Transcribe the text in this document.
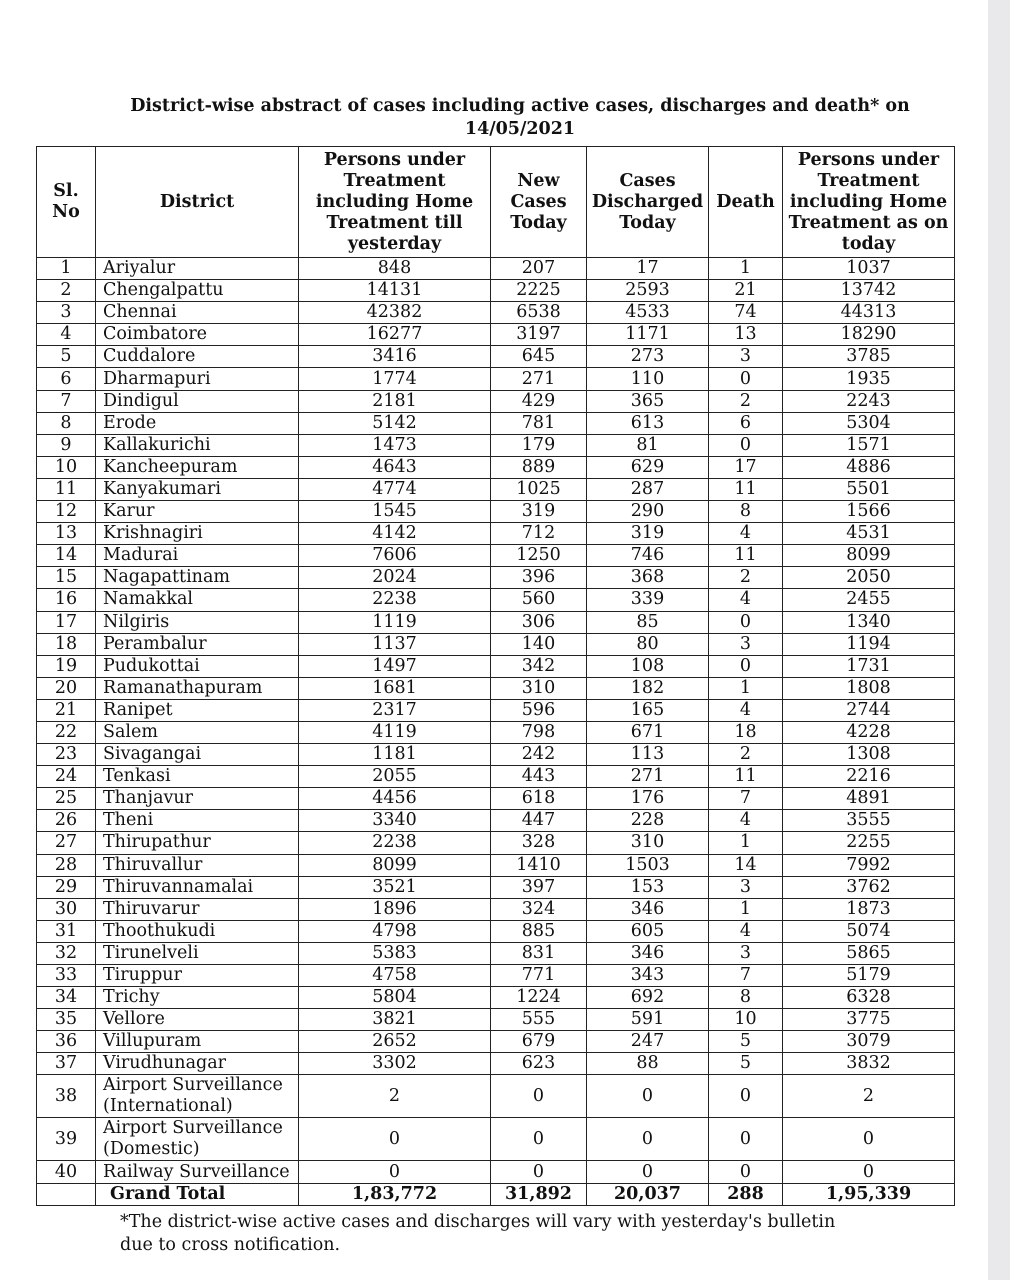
District-wise abstract of cases including active cases, discharges and death* on
14/05/2021
Sl. No	District	Persons under Treatment including Home Treatment till yesterday	New Cases Today	Cases Discharged Today	Death	Persons under Treatment including Home Treatment as on today
1	Ariyalur	848	207	17	1	1037
2	Chengalpattu	14131	2225	2593	21	13742
3	Chennai	42382	6538	4533	74	44313
4	Coimbatore	16277	3197	1171	13	18290
5	Cuddalore	3416	645	273	3	3785
6	Dharmapuri	1774	271	110	0	1935
7	Dindigul	2181	429	365	2	2243
8	Erode	5142	781	613	6	5304
9	Kallakurichi	1473	179	81	0	1571
10	Kancheepuram	4643	889	629	17	4886
11	Kanyakumari	4774	1025	287	11	5501
12	Karur	1545	319	290	8	1566
13	Krishnagiri	4142	712	319	4	4531
14	Madurai	7606	1250	746	11	8099
15	Nagapattinam	2024	396	368	2	2050
16	Namakkal	2238	560	339	4	2455
17	Nilgiris	1119	306	85	0	1340
18	Perambalur	1137	140	80	3	1194
19	Pudukottai	1497	342	108	0	1731
20	Ramanathapuram	1681	310	182	1	1808
21	Ranipet	2317	596	165	4	2744
22	Salem	4119	798	671	18	4228
23	Sivagangai	1181	242	113	2	1308
24	Tenkasi	2055	443	271	11	2216
25	Thanjavur	4456	618	176	7	4891
26	Theni	3340	447	228	4	3555
27	Thirupathur	2238	328	310	1	2255
28	Thiruvallur	8099	1410	1503	14	7992
29	Thiruvannamalai	3521	397	153	3	3762
30	Thiruvarur	1896	324	346	1	1873
31	Thoothukudi	4798	885	605	4	5074
32	Tirunelveli	5383	831	346	3	5865
33	Tiruppur	4758	771	343	7	5179
34	Trichy	5804	1224	692	8	6328
35	Vellore	3821	555	591	10	3775
36	Villupuram	2652	679	247	5	3079
37	Virudhunagar	3302	623	88	5	3832
38	Airport Surveillance (International)	2	0	0	0	2
39	Airport Surveillance (Domestic)	0	0	0	0	0
40	Railway Surveillance	0	0	0	0	0
	Grand Total	1,83,772	31,892	20,037	288	1,95,339
*The district-wise active cases and discharges will vary with yesterday's bulletin
due to cross notification.
